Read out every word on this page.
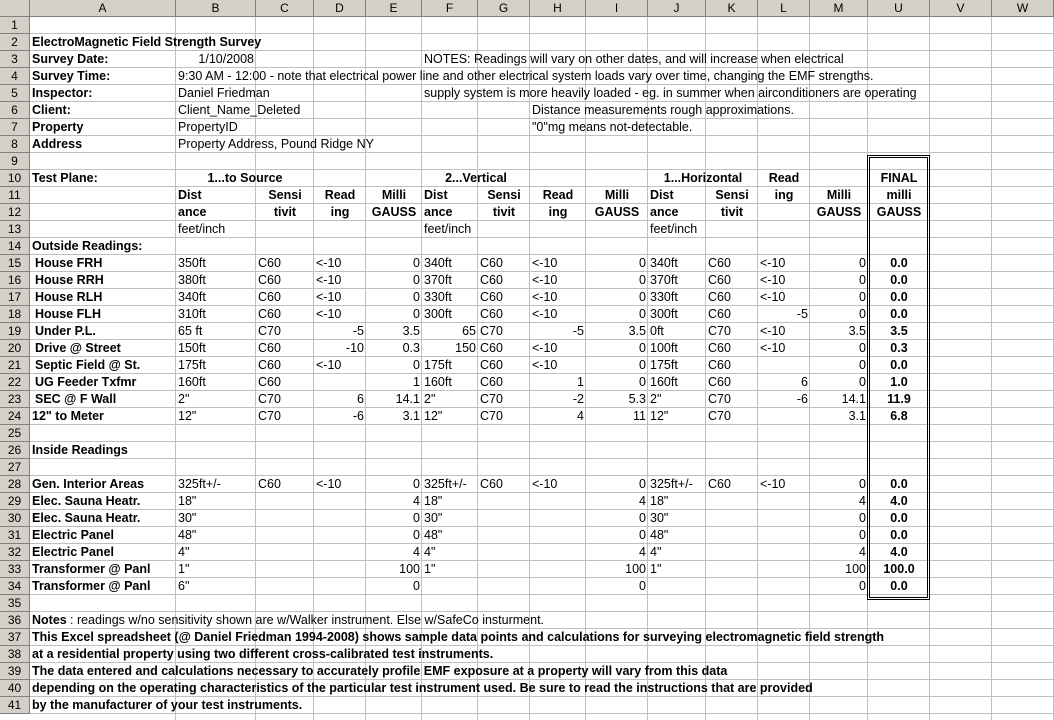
A	B	C	D	E	F	G	H	I	J	K	L	M	U	V	W
1
2
3
4
5
6
7
8
9
10
11
12
13
14
15
16
17
18
19
20
21
22
23
24
25
26
27
28
29
30
31
32
33
34
35
36
37
38
39
40
41
ElectroMagnetic Field Strength Survey
Survey Date:	1/10/2008	NOTES: Readings will vary on other dates, and will increase when electrical
Survey Time:	9:30 AM - 12:00 - note that electrical power line and other electrical system loads vary over time, changing the EMF strengths.
Inspector:	Daniel Friedman	supply system is more heavily loaded - eg. in summer when airconditioners are operating
Client:	Client_Name_Deleted	Distance measurements rough approximations.
Property	PropertyID	"0"mg means not-detectable.
Address	Property Address, Pound Ridge NY
Test Plane:	1...to Source	2...Vertical	1...Horizontal	Read	FINAL
Dist	Sensi	Read	Milli	Dist	Sensi	Read	Milli	Dist	Sensi	ing	Milli	milli
ance	tivit	ing	GAUSS ance	tivit	ing	GAUSS ance	tivit	GAUSS	GAUSS
feet/inch	feet/inch	feet/inch
Outside Readings:
Inside Readings
House FRH	350ft	C60	<-10	0 340ft C60 <-10	0 340ft C60 <-10	0	0.0
House RRH	380ft	C60	<-10	0 370ft C60 <-10	0 370ft C60 <-10	0	0.0
House RLH	340ft	C60	<-10	0 330ft C60 <-10	0 330ft C60 <-10	0	0.0
House FLH	310ft	C60	<-10	0 300ft C60 <-10	0 300ft C60	-5	0	0.0
Under P.L.	65 ft	C70	-5	3.5	65 C70	-5	3.5 0ft	C70 <-10	3.5	3.5
Drive @ Street	150ft	C60	-10	0.3	150 C60 <-10	0 100ft C60 <-10	0	0.3
Septic Field @ St.	175ft	C60	<-10	0 175ft C60 <-10	0 175ft C60	0	0.0
UG Feeder Txfmr	160ft	C60	1 160ft C60	1	0 160ft C60	6	0	1.0
SEC @ F Wall	2"	C70	6	14.1 2"	C70	-2	5.3 2"	C70	-6	14.1	11.9
12" to Meter	12"	C70	-6	3.1 12"	C70	4	11 12"	C70	3.1	6.8
Gen. Interior Areas	325ft+/-	C60	<-10	0 325ft+/- C60 <-10	0 325ft+/- C60 <-10	0	0.0
Elec. Sauna Heatr.	18"	4 18"	4 18"	4	4.0
Elec. Sauna Heatr.	30"	0 30"	0 30"	0	0.0
Electric Panel	48"	0 48"	0 48"	0	0.0
Electric Panel	4"	4 4"	4 4"	4	4.0
Transformer @ Panl 1"	100 1"	100 1"	100	100.0
Transformer @ Panl 6"	0	0	0	0.0
Notes : readings w/no sensitivity shown are w/Walker instrument. Else w/SafeCo insturment.
This Excel spreadsheet (@ Daniel Friedman 1994-2008) shows sample data points and calculations for surveying electromagnetic field strength
at a residential property using two different cross-calibrated test instruments.
The data entered and calculations necessary to accurately profile EMF exposure at a property will vary from this data
depending on the operating characteristics of the particular test instrument used. Be sure to read the instructions that are provided
by the manufacturer of your test instruments.
